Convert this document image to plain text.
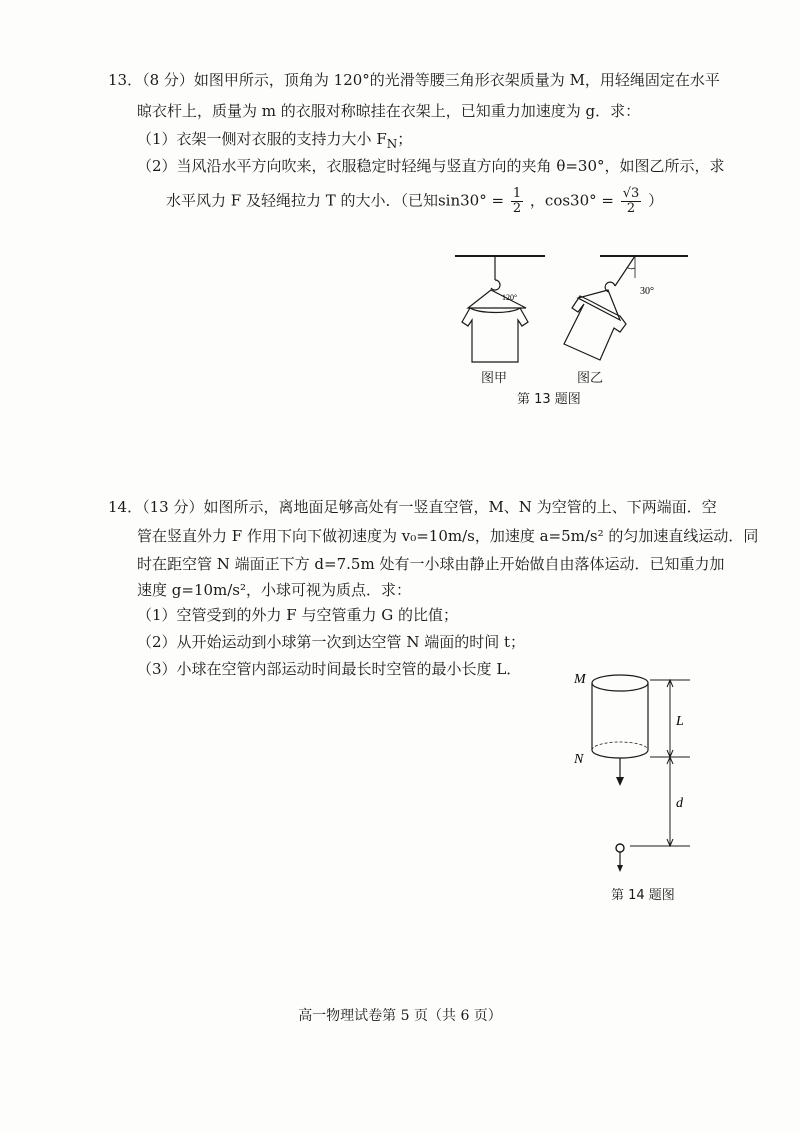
13．（8 分）如图甲所示，顶角为 120°的光滑等腰三角形衣架质量为 M，用轻绳固定在水平
晾衣杆上，质量为 m 的衣服对称晾挂在衣架上，已知重力加速度为 g．求：
（1）衣架一侧对衣服的支持力大小 $F_N$；
（2）当风沿水平方向吹来，衣服稳定时轻绳与竖直方向的夹角 θ=30°，如图乙所示，求
水平风力 F 及轻绳拉力 T 的大小．（已知$\sin 30^\circ = \frac{1}{2}$ ，$\cos 30^\circ = \frac{√3}{2}$ ）
120°
30°
图甲	图乙
第 13 题图
14．（13 分）如图所示，离地面足够高处有一竖直空管，M、N 为空管的上、下两端面．空
管在竖直外力 F 作用下向下做初速度为 v₀=10m/s，加速度 a=5m/s² 的匀加速直线运动．同
时在距空管 N 端面正下方 d=7.5m 处有一小球由静止开始做自由落体运动．已知重力加
速度 g=10m/s²，小球可视为质点．求：
（1）空管受到的外力 F 与空管重力 G 的比值；
（2）从开始运动到小球第一次到达空管 N 端面的时间 t；
（3）小球在空管内部运动时间最长时空管的最小长度 L．
M
N
L
d
第 14 题图
高一物理试卷第 5 页（共 6 页）
